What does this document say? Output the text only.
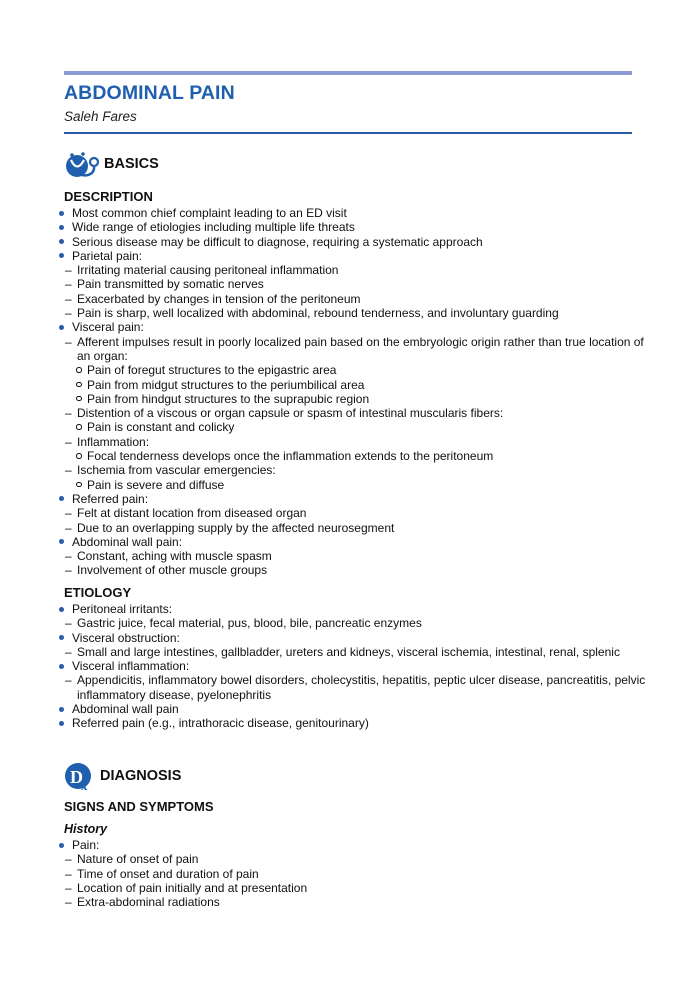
ABDOMINAL PAIN
Saleh Fares
BASICS
DESCRIPTION
Most common chief complaint leading to an ED visit
Wide range of etiologies including multiple life threats
Serious disease may be difficult to diagnose, requiring a systematic approach
Parietal pain:
– Irritating material causing peritoneal inflammation
– Pain transmitted by somatic nerves
– Exacerbated by changes in tension of the peritoneum
– Pain is sharp, well localized with abdominal, rebound tenderness, and involuntary guarding
Visceral pain:
– Afferent impulses result in poorly localized pain based on the embryologic origin rather than true location of an organ:
Pain of foregut structures to the epigastric area
Pain from midgut structures to the periumbilical area
Pain from hindgut structures to the suprapubic region
– Distention of a viscous or organ capsule or spasm of intestinal muscularis fibers:
Pain is constant and colicky
– Inflammation:
Focal tenderness develops once the inflammation extends to the peritoneum
– Ischemia from vascular emergencies:
Pain is severe and diffuse
Referred pain:
– Felt at distant location from diseased organ
– Due to an overlapping supply by the affected neurosegment
Abdominal wall pain:
– Constant, aching with muscle spasm
– Involvement of other muscle groups
ETIOLOGY
Peritoneal irritants:
– Gastric juice, fecal material, pus, blood, bile, pancreatic enzymes
Visceral obstruction:
– Small and large intestines, gallbladder, ureters and kidneys, visceral ischemia, intestinal, renal, splenic
Visceral inflammation:
– Appendicitis, inflammatory bowel disorders, cholecystitis, hepatitis, peptic ulcer disease, pancreatitis, pelvic inflammatory disease, pyelonephritis
Abdominal wall pain
Referred pain (e.g., intrathoracic disease, genitourinary)
D
x
DIAGNOSIS
SIGNS AND SYMPTOMS
History
Pain:
– Nature of onset of pain
– Time of onset and duration of pain
– Location of pain initially and at presentation
– Extra-abdominal radiations
